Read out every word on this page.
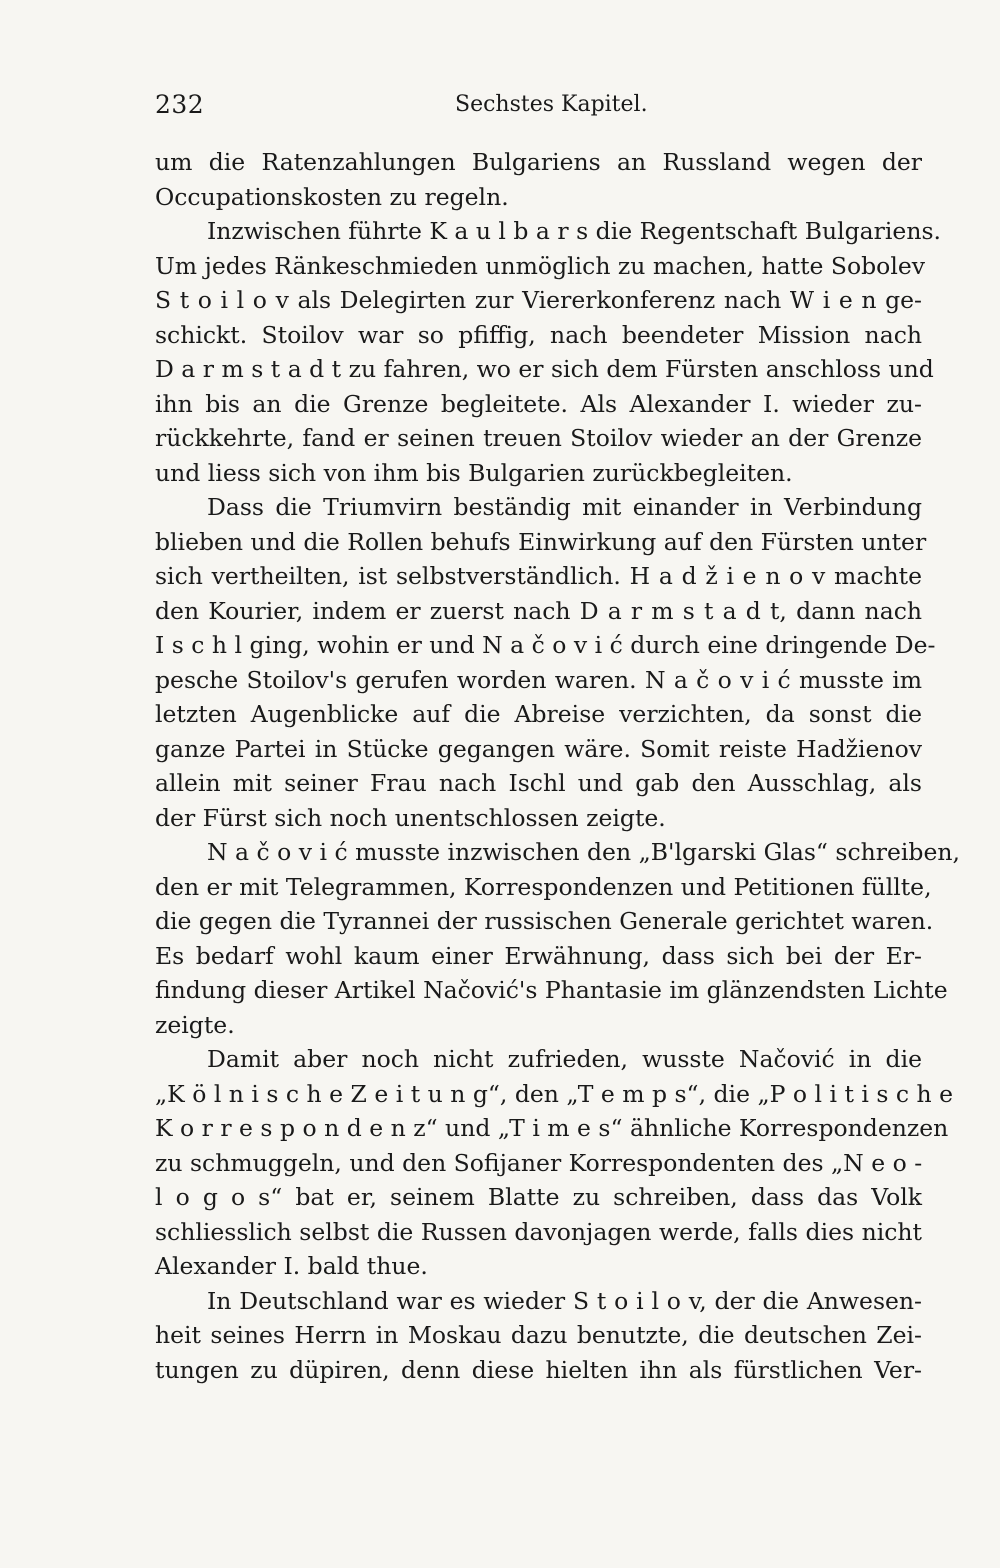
232	Sechstes Kapitel.
um die Ratenzahlungen Bulgariens an Russland wegen der
Occupationskosten zu regeln.
Inzwischen führte K a u l b a r s die Regentschaft Bulgariens.
Um jedes Ränkeschmieden unmöglich zu machen, hatte Sobolev
S t o i l o v als Delegirten zur Viererkonferenz nach W i e n ge-
schickt. Stoilov war so pfiffig, nach beendeter Mission nach
D a r m s t a d t zu fahren, wo er sich dem Fürsten anschloss und
ihn bis an die Grenze begleitete. Als Alexander I. wieder zu-
rückkehrte, fand er seinen treuen Stoilov wieder an der Grenze
und liess sich von ihm bis Bulgarien zurückbegleiten.
Dass die Triumvirn beständig mit einander in Verbindung
blieben und die Rollen behufs Einwirkung auf den Fürsten unter
sich vertheilten, ist selbstverständlich. H a d ž i e n o v machte
den Kourier, indem er zuerst nach D a r m s t a d t, dann nach
I s c h l ging, wohin er und N a č o v i ć durch eine dringende De-
pesche Stoilov's gerufen worden waren. N a č o v i ć musste im
letzten Augenblicke auf die Abreise verzichten, da sonst die
ganze Partei in Stücke gegangen wäre. Somit reiste Hadžienov
allein mit seiner Frau nach Ischl und gab den Ausschlag, als
der Fürst sich noch unentschlossen zeigte.
N a č o v i ć musste inzwischen den „B'lgarski Glas“ schreiben,
den er mit Telegrammen, Korrespondenzen und Petitionen füllte,
die gegen die Tyrannei der russischen Generale gerichtet waren.
Es bedarf wohl kaum einer Erwähnung, dass sich bei der Er-
findung dieser Artikel Načović's Phantasie im glänzendsten Lichte
zeigte.
Damit aber noch nicht zufrieden, wusste Načović in die
„K ö l n i s c h e Z e i t u n g“, den „T e m p s“, die „P o l i t i s c h e
K o r r e s p o n d e n z“ und „T i m e s“ ähnliche Korrespondenzen
zu schmuggeln, und den Sofijaner Korrespondenten des „N e o -
l o g o s“ bat er, seinem Blatte zu schreiben, dass das Volk
schliesslich selbst die Russen davonjagen werde, falls dies nicht
Alexander I. bald thue.
In Deutschland war es wieder S t o i l o v, der die Anwesen-
heit seines Herrn in Moskau dazu benutzte, die deutschen Zei-
tungen zu düpiren, denn diese hielten ihn als fürstlichen Ver-
